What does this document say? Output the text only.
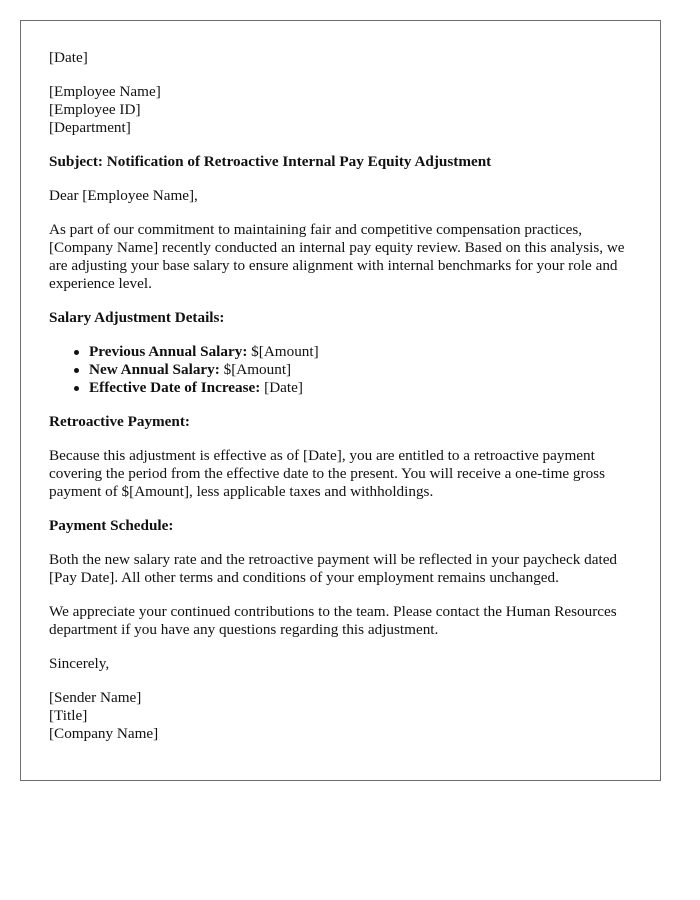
[Date]

[Employee Name]
[Employee ID]
[Department]

Subject: Notification of Retroactive Internal Pay Equity Adjustment

Dear [Employee Name],

As part of our commitment to maintaining fair and competitive compensation practices, [Company Name] recently conducted an internal pay equity review. Based on this analysis, we are adjusting your base salary to ensure alignment with internal benchmarks for your role and experience level.

Salary Adjustment Details:

Previous Annual Salary: $[Amount]
New Annual Salary: $[Amount]
Effective Date of Increase: [Date]

Retroactive Payment:

Because this adjustment is effective as of [Date], you are entitled to a retroactive payment covering the period from the effective date to the present. You will receive a one-time gross payment of $[Amount], less applicable taxes and withholdings.

Payment Schedule:

Both the new salary rate and the retroactive payment will be reflected in your paycheck dated [Pay Date]. All other terms and conditions of your employment remains unchanged.

We appreciate your continued contributions to the team. Please contact the Human Resources department if you have any questions regarding this adjustment.

Sincerely,

[Sender Name]
[Title]
[Company Name]
